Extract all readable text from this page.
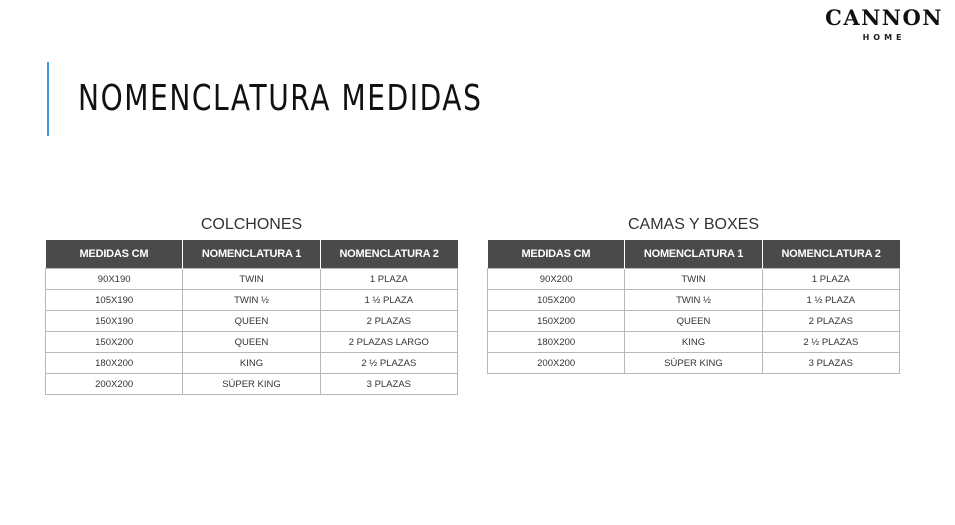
CANNON
HOME
NOMENCLATURA MEDIDAS
COLCHONES
MEDIDAS CM	NOMENCLATURA 1	NOMENCLATURA 2
90X190	TWIN	1 PLAZA
105X190	TWIN ½	1 ½ PLAZA
150X190	QUEEN	2 PLAZAS
150X200	QUEEN	2 PLAZAS LARGO
180X200	KING	2 ½ PLAZAS
200X200	SÚPER KING	3 PLAZAS
CAMAS Y BOXES
MEDIDAS CM	NOMENCLATURA 1	NOMENCLATURA 2
90X200	TWIN	1 PLAZA
105X200	TWIN ½	1 ½ PLAZA
150X200	QUEEN	2 PLAZAS
180X200	KING	2 ½ PLAZAS
200X200	SÚPER KING	3 PLAZAS
